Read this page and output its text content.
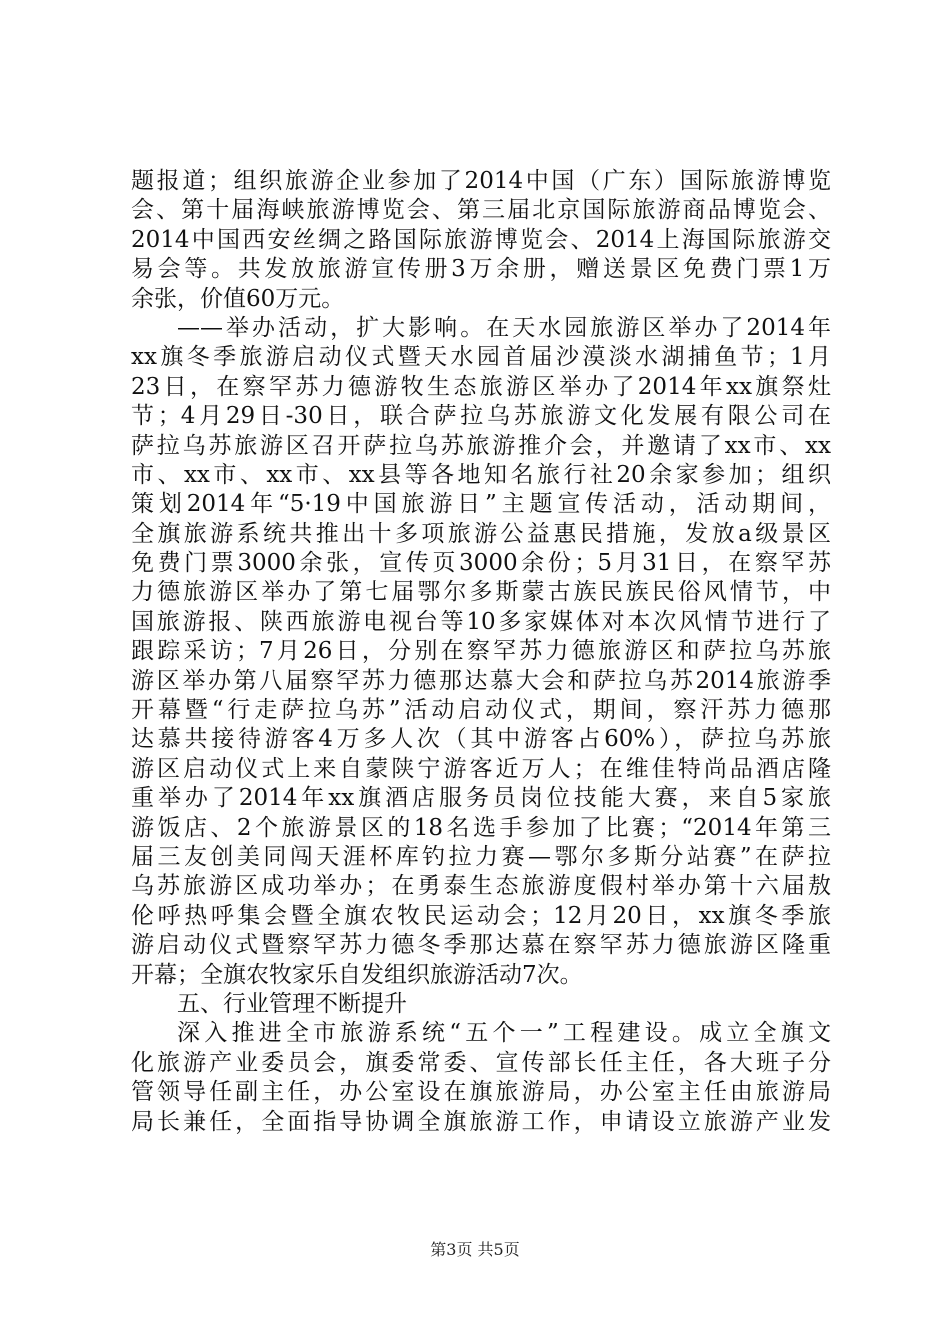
题报道；组织旅游企业参加了2014中国（广东）国际旅游博览
会、第十届海峡旅游博览会、第三届北京国际旅游商品博览会、
2014中国西安丝绸之路国际旅游博览会、2014上海国际旅游交
易会等。共发放旅游宣传册3万余册，赠送景区免费门票1万
余张，价值60万元。
——举办活动，扩大影响。在天水园旅游区举办了2014年
xx旗冬季旅游启动仪式暨天水园首届沙漠淡水湖捕鱼节；1月
23日，在察罕苏力德游牧生态旅游区举办了2014年xx旗祭灶
节；4月29日-30日，联合萨拉乌苏旅游文化发展有限公司在
萨拉乌苏旅游区召开萨拉乌苏旅游推介会，并邀请了xx市、xx
市、xx市、xx市、xx县等各地知名旅行社20余家参加；组织
策划2014年“5·19中国旅游日”主题宣传活动，活动期间，
全旗旅游系统共推出十多项旅游公益惠民措施，发放a级景区
免费门票3000余张，宣传页3000余份；5月31日，在察罕苏
力德旅游区举办了第七届鄂尔多斯蒙古族民族民俗风情节，中
国旅游报、陕西旅游电视台等10多家媒体对本次风情节进行了
跟踪采访；7月26日，分别在察罕苏力德旅游区和萨拉乌苏旅
游区举办第八届察罕苏力德那达慕大会和萨拉乌苏2014旅游季
开幕暨“行走萨拉乌苏”活动启动仪式，期间，察汗苏力德那
达慕共接待游客4万多人次（其中游客占60%），萨拉乌苏旅
游区启动仪式上来自蒙陕宁游客近万人；在维佳特尚品酒店隆
重举办了2014年xx旗酒店服务员岗位技能大赛，来自5家旅
游饭店、2个旅游景区的18名选手参加了比赛；“2014年第三
届三友创美同闯天涯杯库钓拉力赛—鄂尔多斯分站赛”在萨拉
乌苏旅游区成功举办；在勇泰生态旅游度假村举办第十六届敖
伦呼热呼集会暨全旗农牧民运动会；12月20日，xx旗冬季旅
游启动仪式暨察罕苏力德冬季那达慕在察罕苏力德旅游区隆重
开幕；全旗农牧家乐自发组织旅游活动7次。
五、行业管理不断提升
深入推进全市旅游系统“五个一”工程建设。成立全旗文
化旅游产业委员会，旗委常委、宣传部长任主任，各大班子分
管领导任副主任，办公室设在旗旅游局，办公室主任由旅游局
局长兼任，全面指导协调全旗旅游工作，申请设立旅游产业发
第3页 共5页
